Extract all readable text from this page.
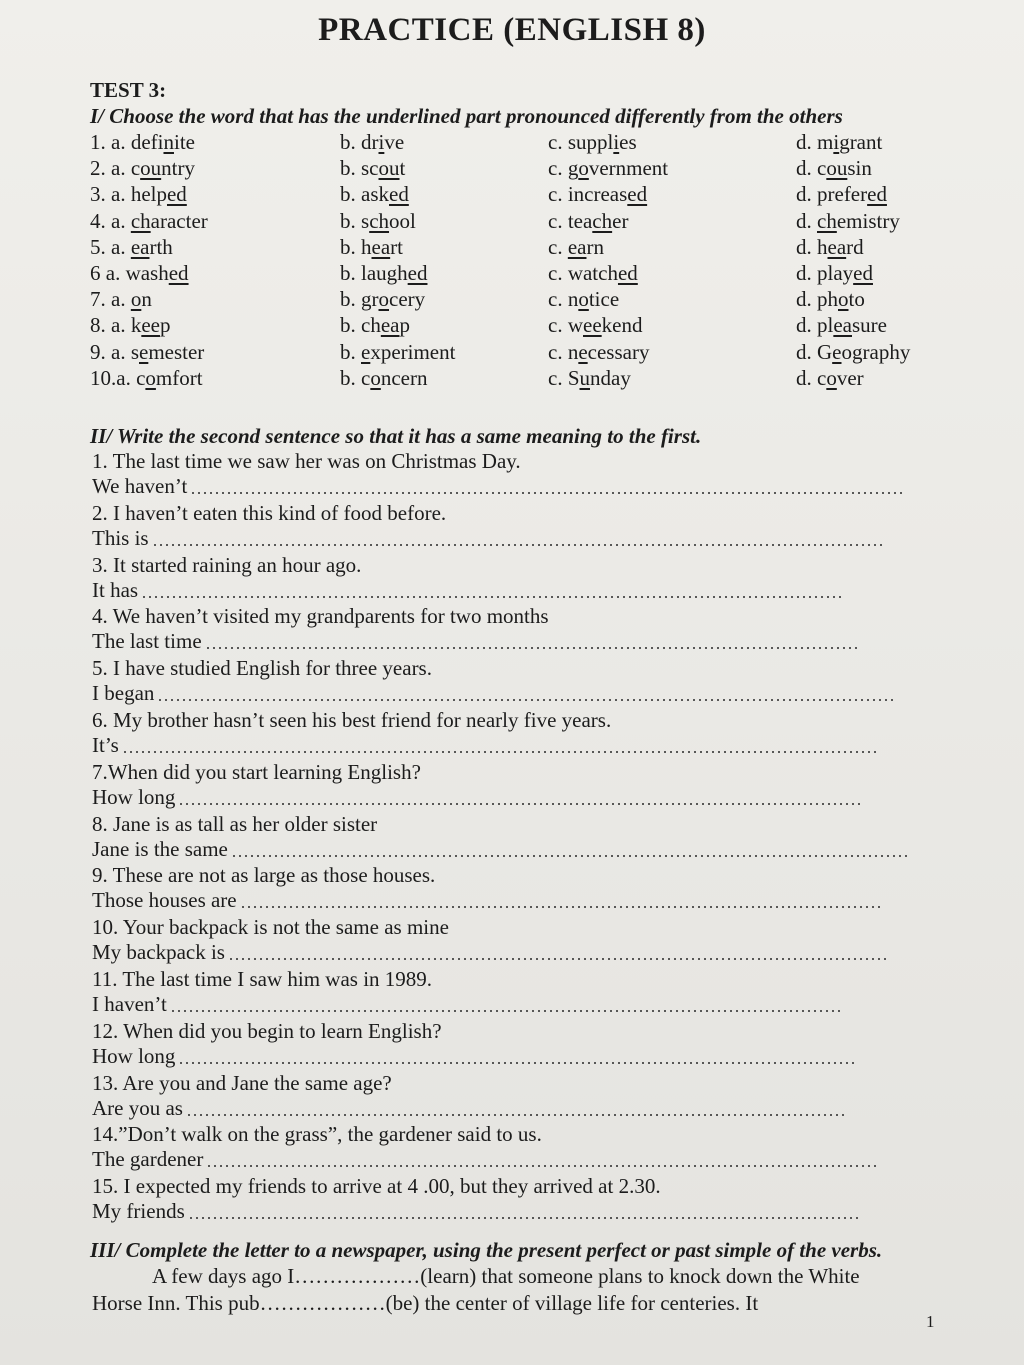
PRACTICE (ENGLISH 8)
TEST 3:
I/ Choose the word that has the underlined part pronounced differently from the others
1. a. definite	b. drive	c. supplies	d. migrant
2. a. country	b. scout	c. government	d. cousin
3. a. helped	b. asked	c. increased	d. prefered
4. a. character	b. school	c. teacher	d. chemistry
5. a. earth	b. heart	c. earn	d. heard
6 a. washed	b. laughed	c. watched	d. played
7. a. on	b. grocery	c. notice	d. photo
8. a. keep	b. cheap	c. weekend	d. pleasure
9. a. semester	b. experiment	c. necessary	d. Geography
10.a. comfort	b. concern	c. Sunday	d. cover
II/ Write the second sentence so that it has a same meaning to the first.
1. The last time we saw her was on Christmas Day.
We haven’t
2. I haven’t eaten this kind of food before.
This is
3. It started raining an hour ago.
It has
4. We haven’t visited my grandparents for two months
The last time
5. I have studied English for three years.
I began
6. My brother hasn’t seen his best friend for nearly five years.
It’s
7.When did you start learning English?
How long
8. Jane is as tall as her older sister
Jane is the same
9. These are not as large as those houses.
Those houses are
10. Your backpack is not the same as mine
My backpack is
11. The last time I saw him was in 1989.
I haven’t
12. When did you begin to learn English?
How long
13. Are you and Jane the same age?
Are you as
14.”Don’t walk on the grass”, the gardener said to us.
The gardener
15. I expected my friends to arrive at 4 .00, but they arrived at 2.30.
My friends
III/ Complete the letter to a newspaper, using the present perfect or past simple of the verbs.
A few days ago I………………(learn) that someone plans to knock down the White
Horse Inn. This pub………………(be) the center of village life for centeries. It
1
